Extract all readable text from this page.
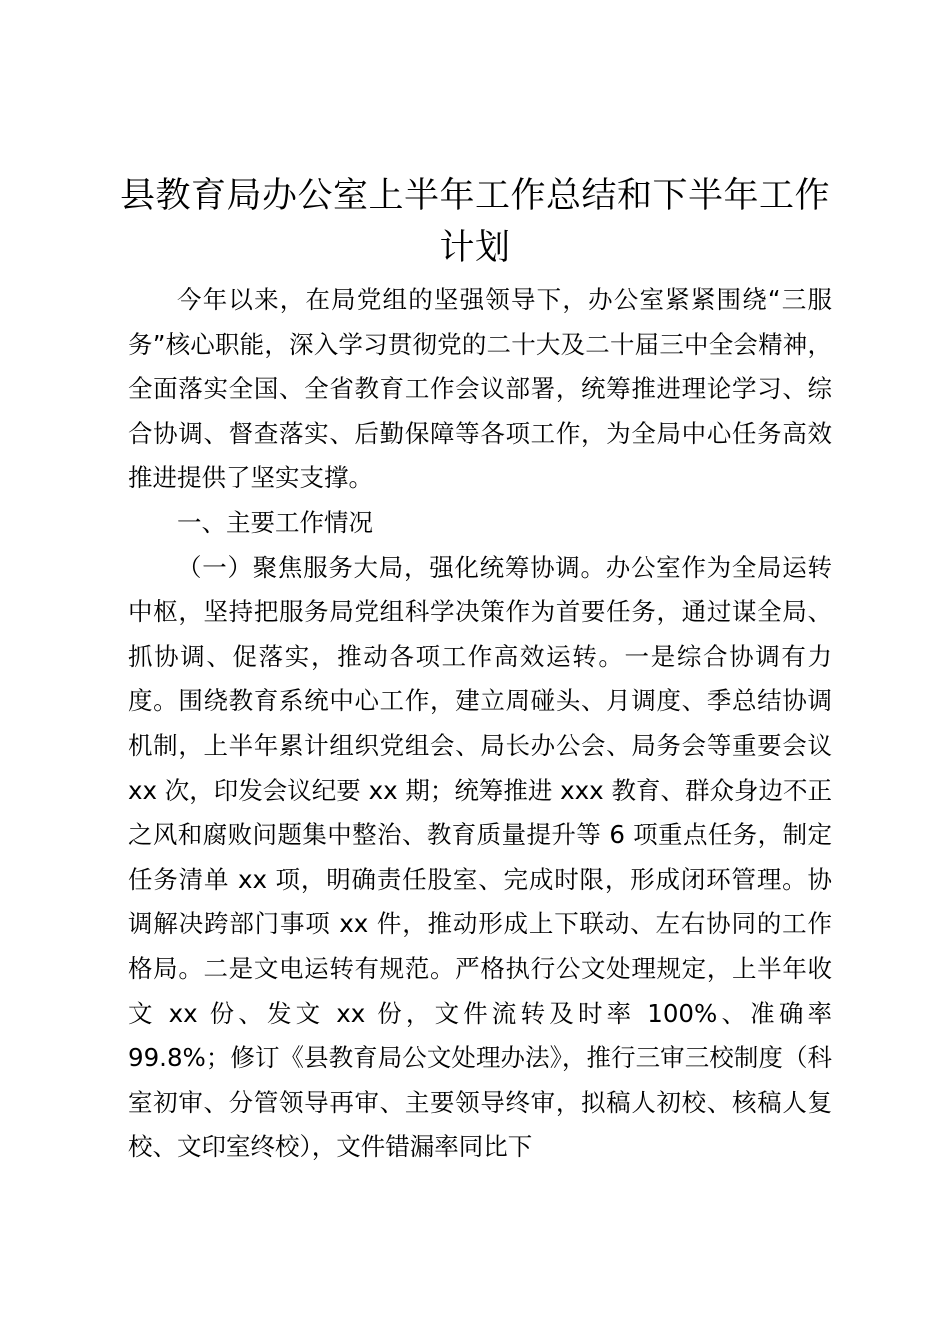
县教育局办公室上半年工作总结和下半年工作计划

今年以来，在局党组的坚强领导下，办公室紧紧围绕“三服务”核心职能，深入学习贯彻党的二十大及二十届三中全会精神，全面落实全国、全省教育工作会议部署，统筹推进理论学习、综合协调、督查落实、后勤保障等各项工作，为全局中心任务高效推进提供了坚实支撑。

一、主要工作情况

（一）聚焦服务大局，强化统筹协调。办公室作为全局运转中枢，坚持把服务局党组科学决策作为首要任务，通过谋全局、抓协调、促落实，推动各项工作高效运转。一是综合协调有力度。围绕教育系统中心工作，建立周碰头、月调度、季总结协调机制，上半年累计组织党组会、局长办公会、局务会等重要会议 xx 次，印发会议纪要 xx 期；统筹推进 xxx 教育、群众身边不正之风和腐败问题集中整治、教育质量提升等 6 项重点任务，制定任务清单 xx 项，明确责任股室、完成时限，形成闭环管理。协调解决跨部门事项 xx 件，推动形成上下联动、左右协同的工作格局。二是文电运转有规范。严格执行公文处理规定，上半年收文 xx 份、发文 xx 份，文件流转及时率 100%、准确率 99.8%；修订《县教育局公文处理办法》，推行三审三校制度（科室初审、分管领导再审、主要领导终审，拟稿人初校、核稿人复校、文印室终校），文件错漏率同比下
